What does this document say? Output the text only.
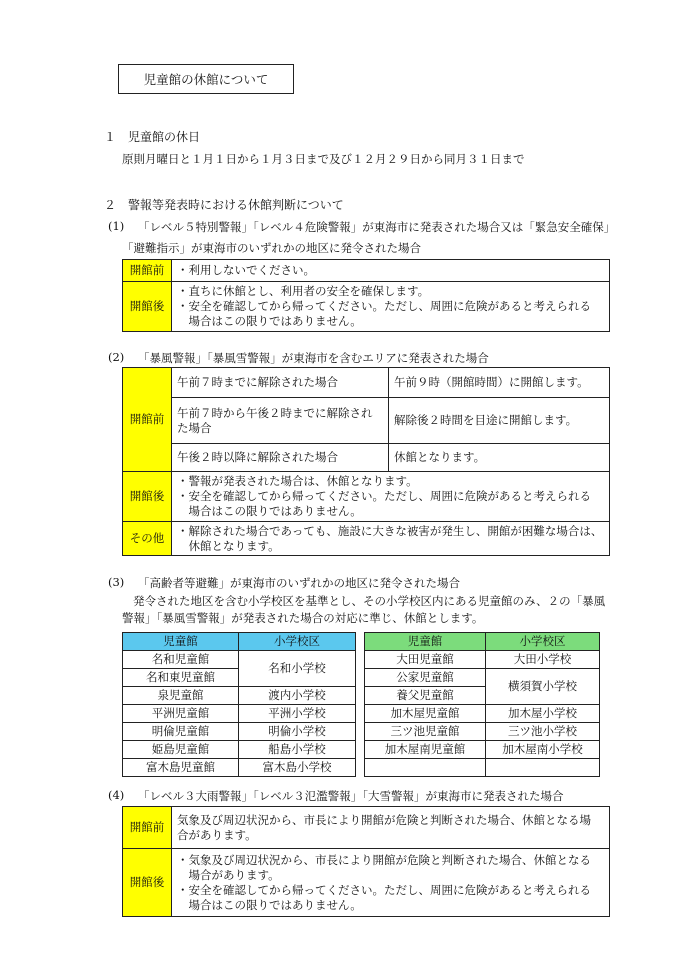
児童館の休館について
１　児童館の休日
原則月曜日と１月１日から１月３日まで及び１２月２９日から同月３１日まで
２　警報等発表時における休館判断について
(1) 「レベル５特別警報」「レベル４危険警報」が東海市に発表された場合又は「緊急安全確保」
「避難指示」が東海市のいずれかの地区に発令された場合
開館前	・利用しないでください。
開館後	・直ちに休館とし、利用者の安全を確保します。
・安全を確認してから帰ってください。ただし、周囲に危険があると考えられる
　場合はこの限りではありません。
(2) 「暴風警報」「暴風雪警報」が東海市を含むエリアに発表された場合
開館前	午前７時までに解除された場合	午前９時（開館時間）に開館します。

	午前７時から午後２時までに解除され
た場合	解除後２時間を目途に開館します。
	午後２時以降に解除された場合	休館となります。
開館後	・警報が発表された場合は、休館となります。
・安全を確認してから帰ってください。ただし、周囲に危険があると考えられる
　場合はこの限りではありません。	

その他	・解除された場合であっても、施設に大きな被害が発生し、開館が困難な場合は、
　休館となります。	
(3) 「高齢者等避難」が東海市のいずれかの地区に発令された場合
発令された地区を含む小学校区を基準とし、その小学校区内にある児童館のみ、２の「暴風
警報」「暴風雪警報」が発表された場合の対応に準じ、休館とします。
児童館	小学校区		児童館	小学校区
名和児童館	名和小学校		大田児童館	大田小学校
名和東児童館			公家児童館	横須賀小学校
泉児童館	渡内小学校		養父児童館	
平洲児童館	平洲小学校		加木屋児童館	加木屋小学校
明倫児童館	明倫小学校		三ツ池児童館	三ツ池小学校
姫島児童館	船島小学校		加木屋南児童館	加木屋南小学校
富木島児童館	富木島小学校			
(4) 「レベル３大雨警報」「レベル３氾濫警報」「大雪警報」が東海市に発表された場合
開館前	気象及び周辺状況から、市長により開館が危険と判断された場合、休館となる場
合があります。

開館後	・気象及び周辺状況から、市長により開館が危険と判断された場合、休館となる
　場合があります。
・安全を確認してから帰ってください。ただし、周囲に危険があると考えられる
　場合はこの限りではありません。
